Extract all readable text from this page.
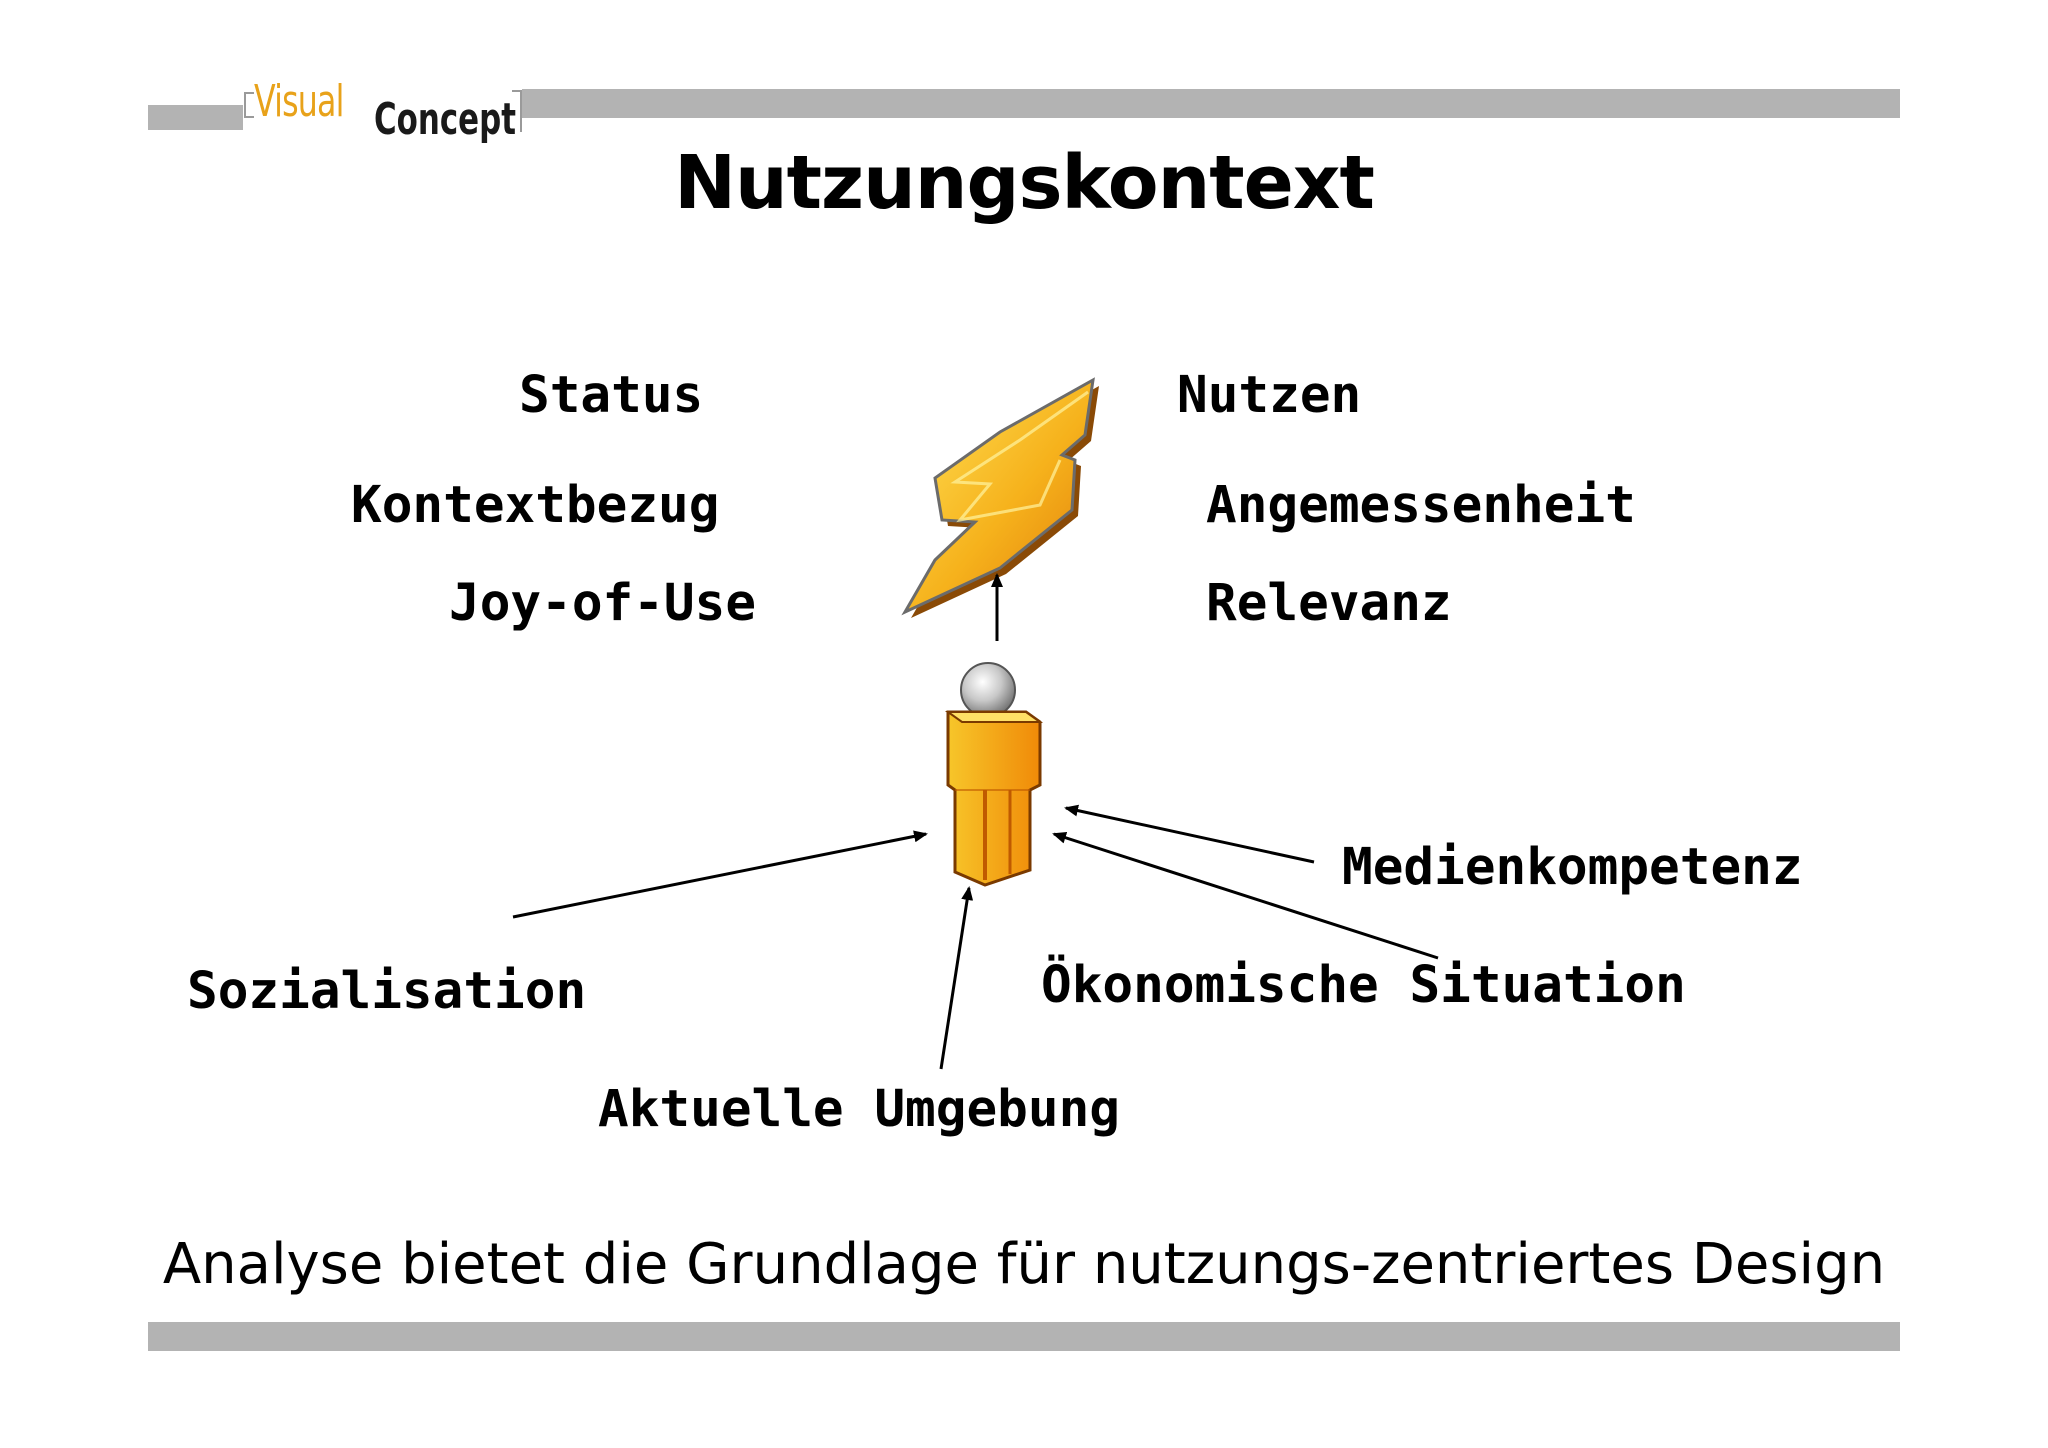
Visual Concept
Nutzungskontext
Status
Kontextbezug
Joy-of-Use
Nutzen
Angemessenheit
Relevanz
Medienkompetenz
Sozialisation	Ökonomische Situation
Aktuelle Umgebung
Analyse bietet die Grundlage für nutzungs-zentriertes Design
